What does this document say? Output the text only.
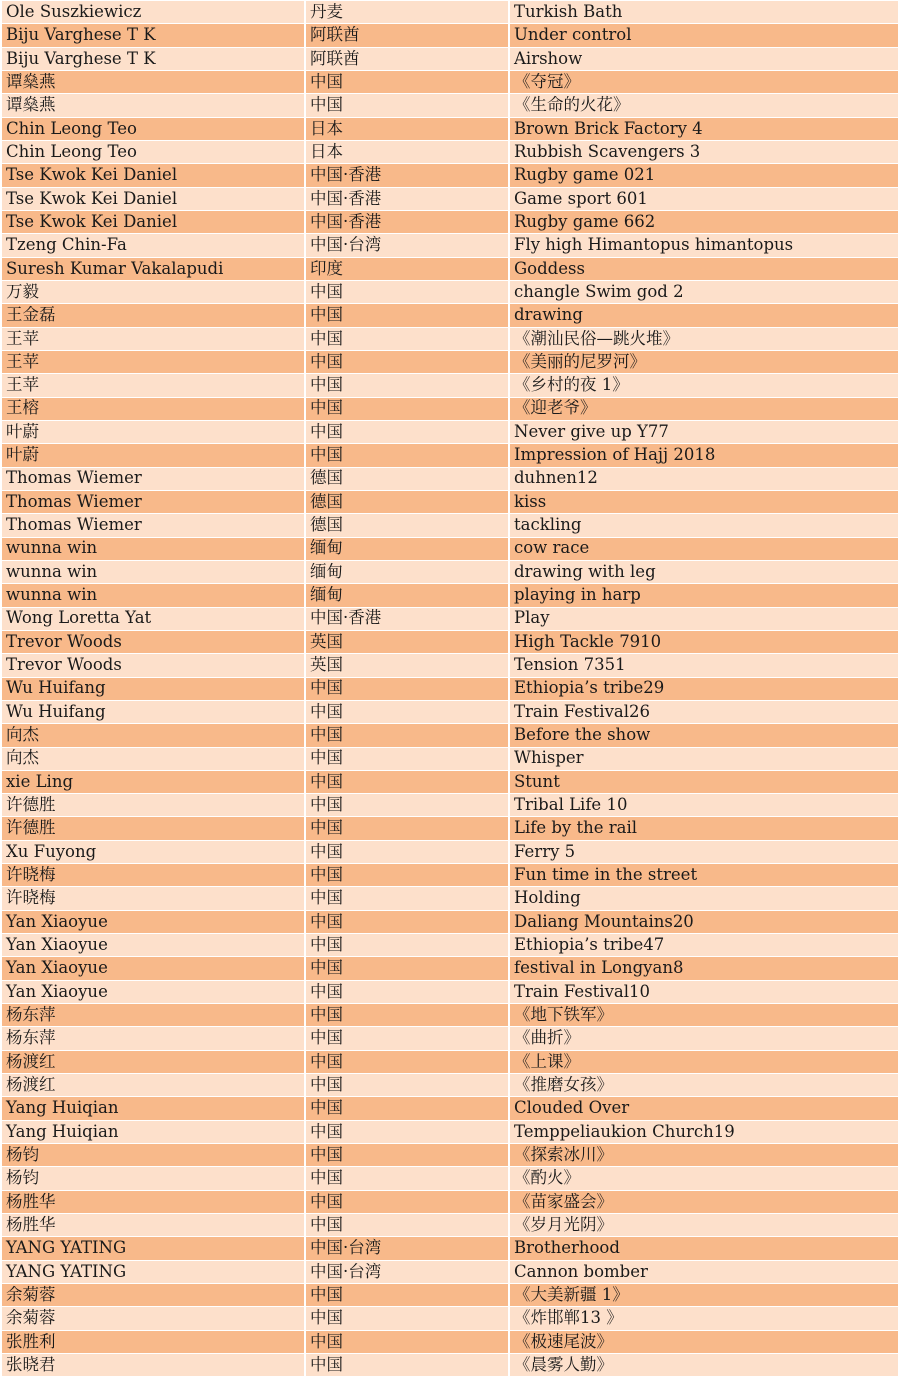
Ole Suszkiewicz	丹麦	Turkish Bath
Biju Varghese T K	阿联酋	Under control
Biju Varghese T K	阿联酋	Airshow
谭燊燕	中国	《夺冠》
谭燊燕	中国	《生命的火花》
Chin Leong Teo	日本	Brown Brick Factory 4
Chin Leong Teo	日本	Rubbish Scavengers 3
Tse Kwok Kei Daniel	中国·香港	Rugby game 021
Tse Kwok Kei Daniel	中国·香港	Game sport 601
Tse Kwok Kei Daniel	中国·香港	Rugby game 662
Tzeng Chin-Fa	中国·台湾	Fly high Himantopus himantopus
Suresh Kumar Vakalapudi	印度	Goddess
万毅	中国	changle Swim god 2
王金磊	中国	drawing
王苹	中国	《潮汕民俗—跳火堆》
王苹	中国	《美丽的尼罗河》
王苹	中国	《乡村的夜 1》
王榕	中国	《迎老爷》
叶蔚	中国	Never give up Y77
叶蔚	中国	Impression of Hajj 2018
Thomas Wiemer	德国	duhnen12
Thomas Wiemer	德国	kiss
Thomas Wiemer	德国	tackling
wunna win	缅甸	cow race
wunna win	缅甸	drawing with leg
wunna win	缅甸	playing in harp
Wong Loretta Yat	中国·香港	Play
Trevor Woods	英国	High Tackle 7910
Trevor Woods	英国	Tension 7351
Wu Huifang	中国	Ethiopia’s tribe29
Wu Huifang	中国	Train Festival26
向杰	中国	Before the show
向杰	中国	Whisper
xie Ling	中国	Stunt
许德胜	中国	Tribal Life 10
许德胜	中国	Life by the rail
Xu Fuyong	中国	Ferry 5
许晓梅	中国	Fun time in the street
许晓梅	中国	Holding
Yan Xiaoyue	中国	Daliang Mountains20
Yan Xiaoyue	中国	Ethiopia’s tribe47
Yan Xiaoyue	中国	festival in Longyan8
Yan Xiaoyue	中国	Train Festival10
杨东萍	中国	《地下铁军》
杨东萍	中国	《曲折》
杨渡红	中国	《上课》
杨渡红	中国	《推磨女孩》
Yang Huiqian	中国	Clouded Over
Yang Huiqian	中国	Temppeliaukion Church19
杨钧	中国	《探索冰川》
杨钧	中国	《酌火》
杨胜华	中国	《苗家盛会》
杨胜华	中国	《岁月光阴》
YANG YATING	中国·台湾	Brotherhood
YANG YATING	中国·台湾	Cannon bomber
余菊蓉	中国	《大美新疆 1》
余菊蓉	中国	《炸邯郸13 》
张胜利	中国	《极速尾波》
张晓君	中国	《晨雾人勤》
